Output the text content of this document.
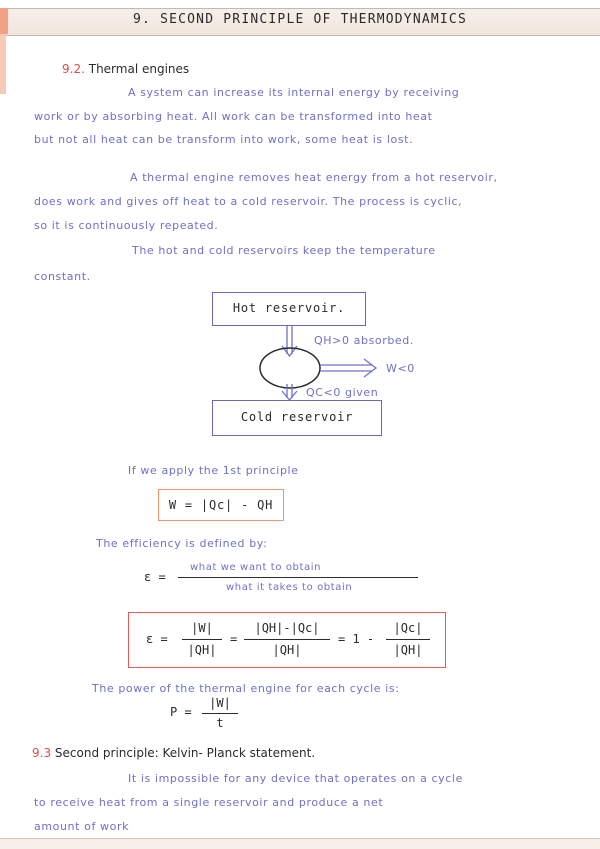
9. SECOND PRINCIPLE OF THERMODYNAMICS
9.2. Thermal engines
A system can increase its internal energy by receiving
work or by absorbing heat. All work can be transformed into heat
but not all heat can be transform into work, some heat is lost.
A thermal engine removes heat energy from a hot reservoir,
does work and gives off heat to a cold reservoir. The process is cyclic,
so it is continuously repeated.
The hot and cold reservoirs keep the temperature
constant.
Hot reservoir.
Cold reservoir
QH>0 absorbed.
W<0
QC<0 given
If we apply the 1st principle
W = |Qc| - QH
The efficiency is defined by:
ε =
what we want to obtain
what it takes to obtain
ε =
|W|
|QH|
=
|QH|-|Qc|
|QH|
= 1 -
|Qc|
|QH|
The power of the thermal engine for each cycle is:
P =
|W|
t
9.3 Second principle: Kelvin- Planck statement.
It is impossible for any device that operates on a cycle
to receive heat from a single reservoir and produce a net
amount of work
